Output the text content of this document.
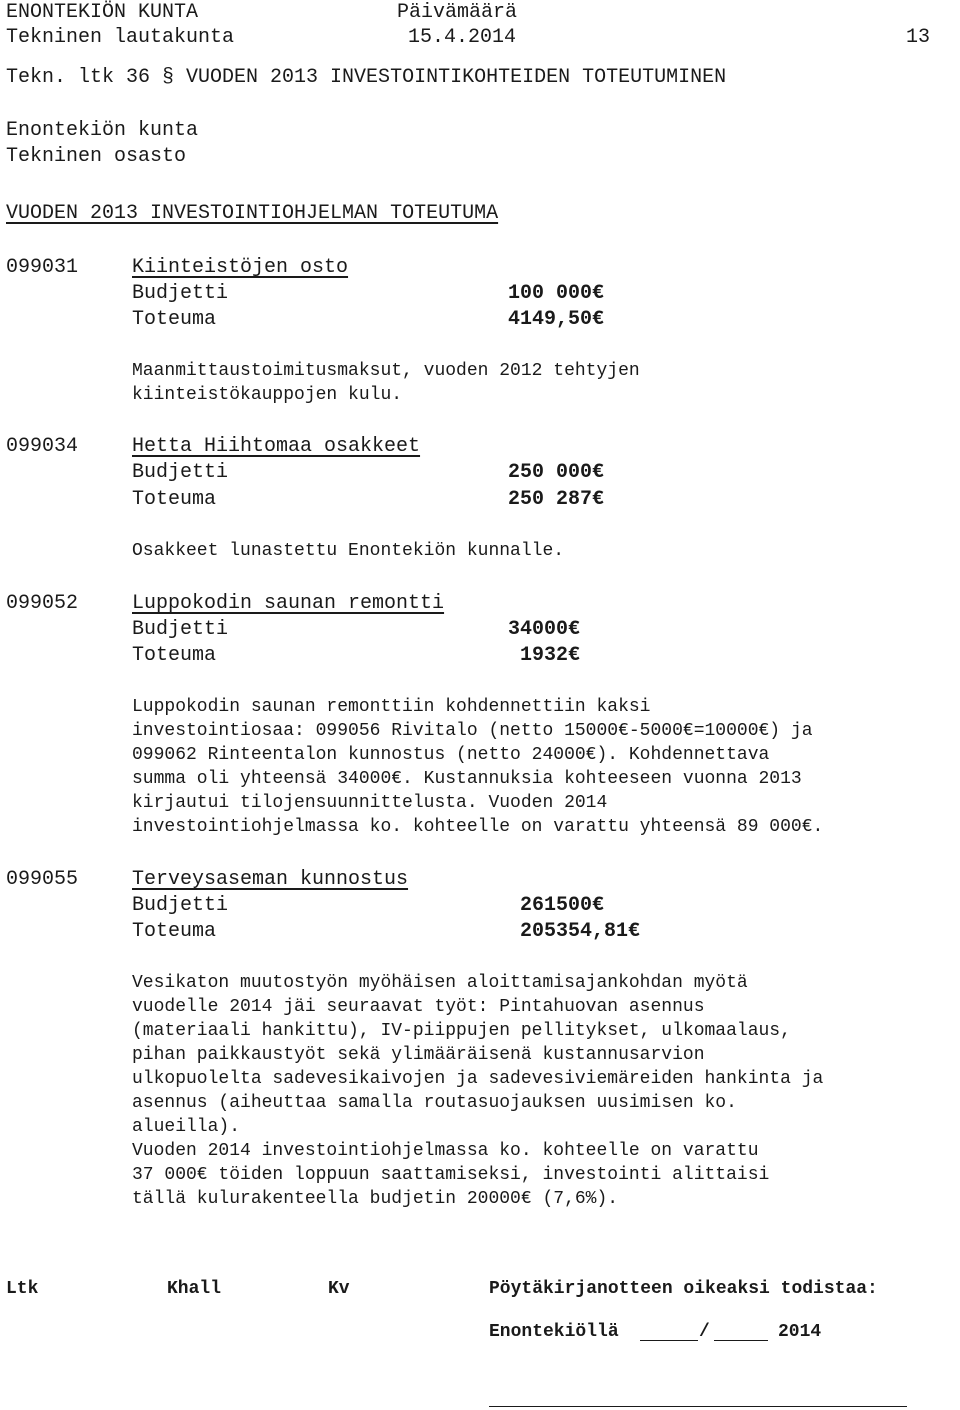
ENONTEKIÖN KUNTA	Päivämäärä
Tekninen lautakunta	15.4.2014	13
Tekn. ltk 36 § VUODEN 2013 INVESTOINTIKOHTEIDEN TOTEUTUMINEN
Enontekiön kunta
Tekninen osasto
VUODEN 2013 INVESTOINTIOHJELMAN TOTEUTUMA
099031	Kiinteistöjen osto
Budjetti	100 000€
Toteuma	4149,50€
Maanmittaustoimitusmaksut, vuoden 2012 tehtyjen
kiinteistökauppojen kulu.
099034	Hetta Hiihtomaa osakkeet
Budjetti	250 000€
Toteuma	250 287€
Osakkeet lunastettu Enontekiön kunnalle.
099052	Luppokodin saunan remontti
Budjetti	34000€
Toteuma	1932€
Luppokodin saunan remonttiin kohdennettiin kaksi
investointiosaa: 099056 Rivitalo (netto 15000€-5000€=10000€) ja
099062 Rinteentalon kunnostus (netto 24000€). Kohdennettava
summa oli yhteensä 34000€. Kustannuksia kohteeseen vuonna 2013
kirjautui tilojensuunnittelusta. Vuoden 2014
investointiohjelmassa ko. kohteelle on varattu yhteensä 89 000€.
099055	Terveysaseman kunnostus
Budjetti	261500€
Toteuma	205354,81€
Vesikaton muutostyön myöhäisen aloittamisajankohdan myötä
vuodelle 2014 jäi seuraavat työt: Pintahuovan asennus
(materiaali hankittu), IV-piippujen pellitykset, ulkomaalaus,
pihan paikkaustyöt sekä ylimääräisenä kustannusarvion
ulkopuolelta sadevesikaivojen ja sadevesiviemäreiden hankinta ja
asennus (aiheuttaa samalla routasuojauksen uusimisen ko.
alueilla).
Vuoden 2014 investointiohjelmassa ko. kohteelle on varattu
37 000€ töiden loppuun saattamiseksi, investointi alittaisi
tällä kulurakenteella budjetin 20000€ (7,6%).
Ltk	Khall	Kv	Pöytäkirjanotteen oikeaksi todistaa:
Enontekiöllä	/	2014
